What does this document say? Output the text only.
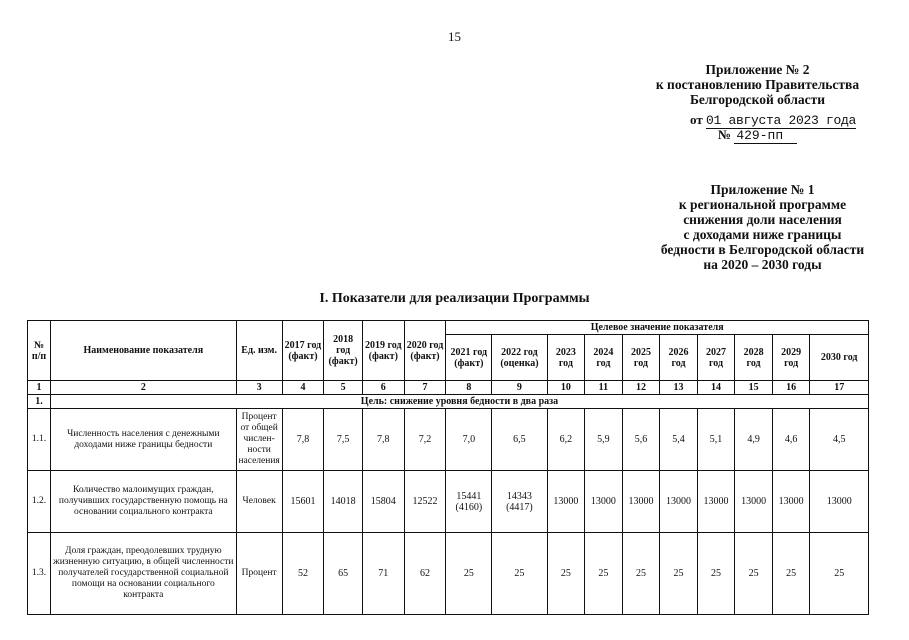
15
Приложение № 2
к постановлению Правительства
Белгородской области
от 01 августа 2023 года
№ 429-пп
Приложение № 1
к региональной программе
снижения доли населения
с доходами ниже границы
бедности в Белгородской области
на 2020 – 2030 годы
I. Показатели для реализации Программы
№ п/п	Наименование показателя	Ед. изм.	2017 год (факт)	2018 год (факт)	2019 год (факт)	2020 год (факт)	Целевое значение показателя									
							2021 год (факт)	2022 год (оценка)	2023 год	2024 год	2025 год	2026 год	2027 год	2028 год	2029 год	2030 год
1	2	3	4	5	6	7	8	9	10	11	12	13	14	15	16	17
1.	Цель: снижение уровня бедности в два раза															
1.1.	Численность населения с денежными доходами ниже границы бедности	Процент от общей числен-ности населения	7,8	7,5	7,8	7,2	7,0	6,5	6,2	5,9	5,6	5,4	5,1	4,9	4,6	4,5
1.2.	Количество малоимущих граждан, получивших государственную помощь на основании социального контракта	Человек	15601	14018	15804	12522	15441 (4160)	14343 (4417)	13000	13000	13000	13000	13000	13000	13000	13000
1.3.	Доля граждан, преодолевших трудную жизненную ситуацию, в общей численности получателей государственной социальной помощи на основании социального контракта	Процент	52	65	71	62	25	25	25	25	25	25	25	25	25	25
